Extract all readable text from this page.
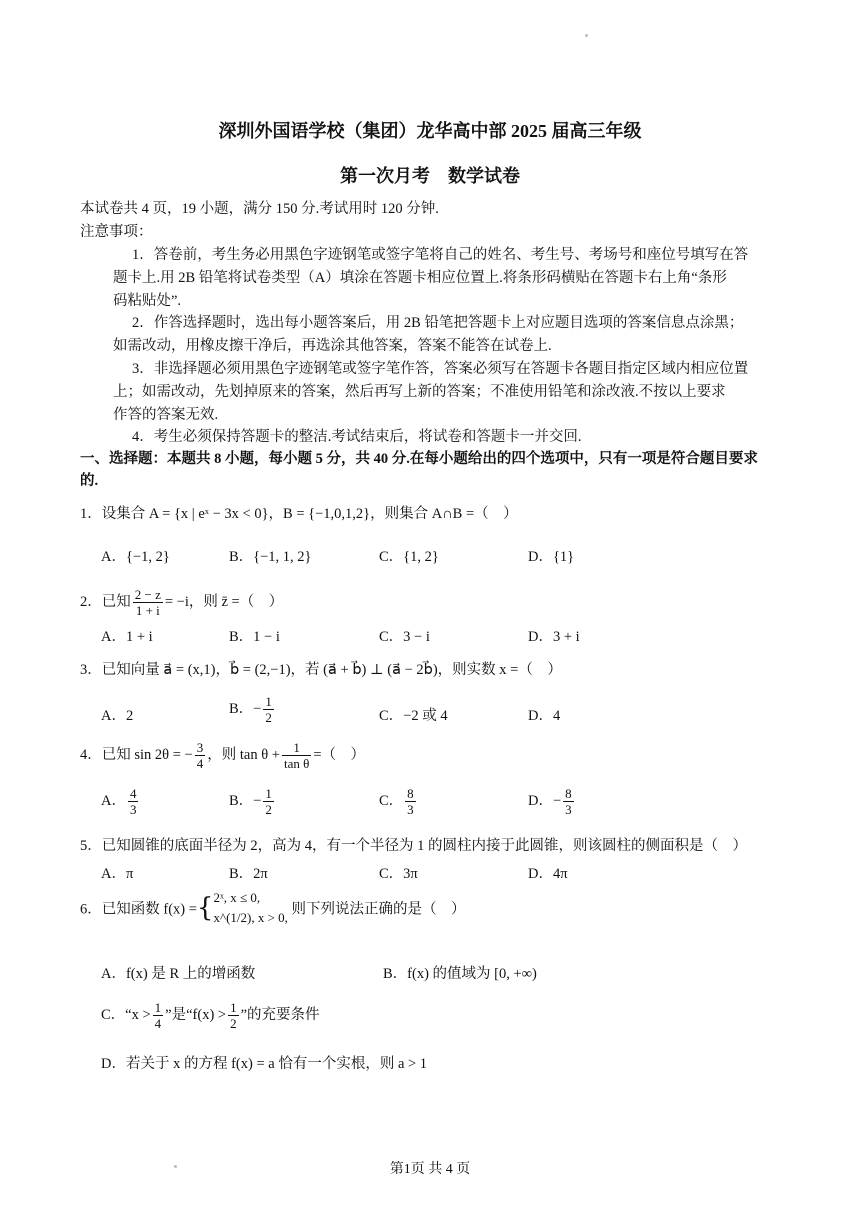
深圳外国语学校（集团）龙华高中部 2025 届高三年级
第一次月考　数学试卷
本试卷共 4 页，19 小题，满分 150 分.考试用时 120 分钟.
注意事项：
1．答卷前，考生务必用黑色字迹钢笔或签字笔将自己的姓名、考生号、考场号和座位号填写在答
题卡上.用 2B 铅笔将试卷类型（A）填涂在答题卡相应位置上.将条形码横贴在答题卡右上角“条形
码粘贴处”.
2．作答选择题时，选出每小题答案后，用 2B 铅笔把答题卡上对应题目选项的答案信息点涂黑；
如需改动，用橡皮擦干净后，再选涂其他答案，答案不能答在试卷上.
3．非选择题必须用黑色字迹钢笔或签字笔作答，答案必须写在答题卡各题目指定区域内相应位置
上；如需改动，先划掉原来的答案，然后再写上新的答案；不准使用铅笔和涂改液.不按以上要求
作答的答案无效.
4．考生必须保持答题卡的整洁.考试结束后，将试卷和答题卡一并交回.
一、选择题：本题共 8 小题，每小题 5 分，共 40 分.在每小题给出的四个选项中，只有一项是符合题目要求
的.
1．设集合 A = {x | eˣ − 3x < 0}，B = {−1,0,1,2}，则集合 A∩B =（　）
A．{−1, 2}	B．{−1, 1, 2}	C．{1, 2}	D．{1}
2．已知 $\frac{2 - z}{1 + i} = -i$，则 z̄ =（　）
A．1 + i	B．1 − i	C．3 − i	D．3 + i
3．已知向量 a⃗ = (x,1)，b⃗ = (2,−1)，若 (a⃗ + b⃗) ⊥ (a⃗ − 2b⃗)，则实数 x =（　）
A．2	B．− $\frac{1}{2}$	C．−2 或 4	D．4
4．已知 sin 2θ = − $\frac{3}{4}$ ，则 $\tan \theta + \frac{1}{\text{tan θ}}$ =（　）
A． $\frac{4}{3}$	B．− $\frac{1}{2}$	C． $\frac{8}{3}$	D．− $\frac{8}{3}$
5．已知圆锥的底面半径为 2，高为 4，有一个半径为 1 的圆柱内接于此圆锥，则该圆柱的侧面积是（　）
A．π	B．2π	C．3π	D．4π
6．已知函数 f(x) ={ 2ˣ, x ≤ 0,
x^(1/2), x > 0, 则下列说法正确的是（　）
A．f(x) 是 R 上的增函数	B．f(x) 的值域为 [0, +∞)
C．“$x > \frac{1}{4}$ ”是“$f(x) > \frac{1}{2}$ ”的充要条件
D．若关于 x 的方程 f(x) = a 恰有一个实根，则 a > 1
第1页 共 4 页
